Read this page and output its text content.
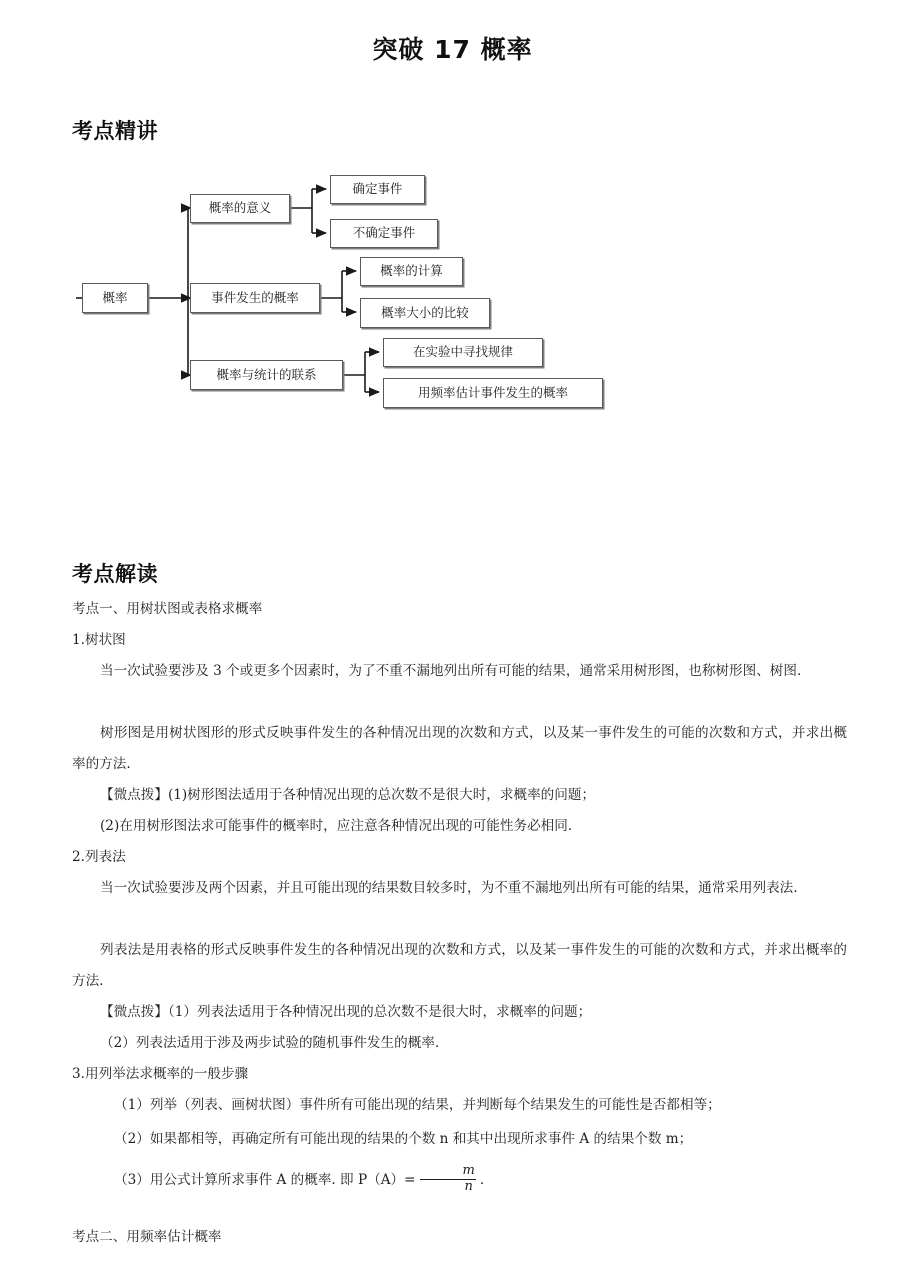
突破 17 概率
考点精讲
概率
概率的意义
事件发生的概率
概率与统计的联系
确定事件
不确定事件
概率的计算
概率大小的比较
在实验中寻找规律
用频率估计事件发生的概率
考点解读
考点一、用树状图或表格求概率
1.树状图
当一次试验要涉及 3 个或更多个因素时，为了不重不漏地列出所有可能的结果，通常采用树形图，也称树形图、树图.
树形图是用树状图形的形式反映事件发生的各种情况出现的次数和方式，以及某一事件发生的可能的次数和方式，并求出概率的方法.
【微点拨】(1)树形图法适用于各种情况出现的总次数不是很大时，求概率的问题；
(2)在用树形图法求可能事件的概率时，应注意各种情况出现的可能性务必相同.
2.列表法
当一次试验要涉及两个因素，并且可能出现的结果数目较多时，为不重不漏地列出所有可能的结果，通常采用列表法.
列表法是用表格的形式反映事件发生的各种情况出现的次数和方式，以及某一事件发生的可能的次数和方式，并求出概率的方法.
【微点拨】（1）列表法适用于各种情况出现的总次数不是很大时，求概率的问题；
（2）列表法适用于涉及两步试验的随机事件发生的概率.
3.用列举法求概率的一般步骤
（1）列举（列表、画树状图）事件所有可能出现的结果，并判断每个结果发生的可能性是否都相等；
（2）如果都相等，再确定所有可能出现的结果的个数 n 和其中出现所求事件 A 的结果个数 m；
（3）用公式计算所求事件 A 的概率. 即 $P(A)= \frac{m}{n}$ .
考点二、用频率估计概率
